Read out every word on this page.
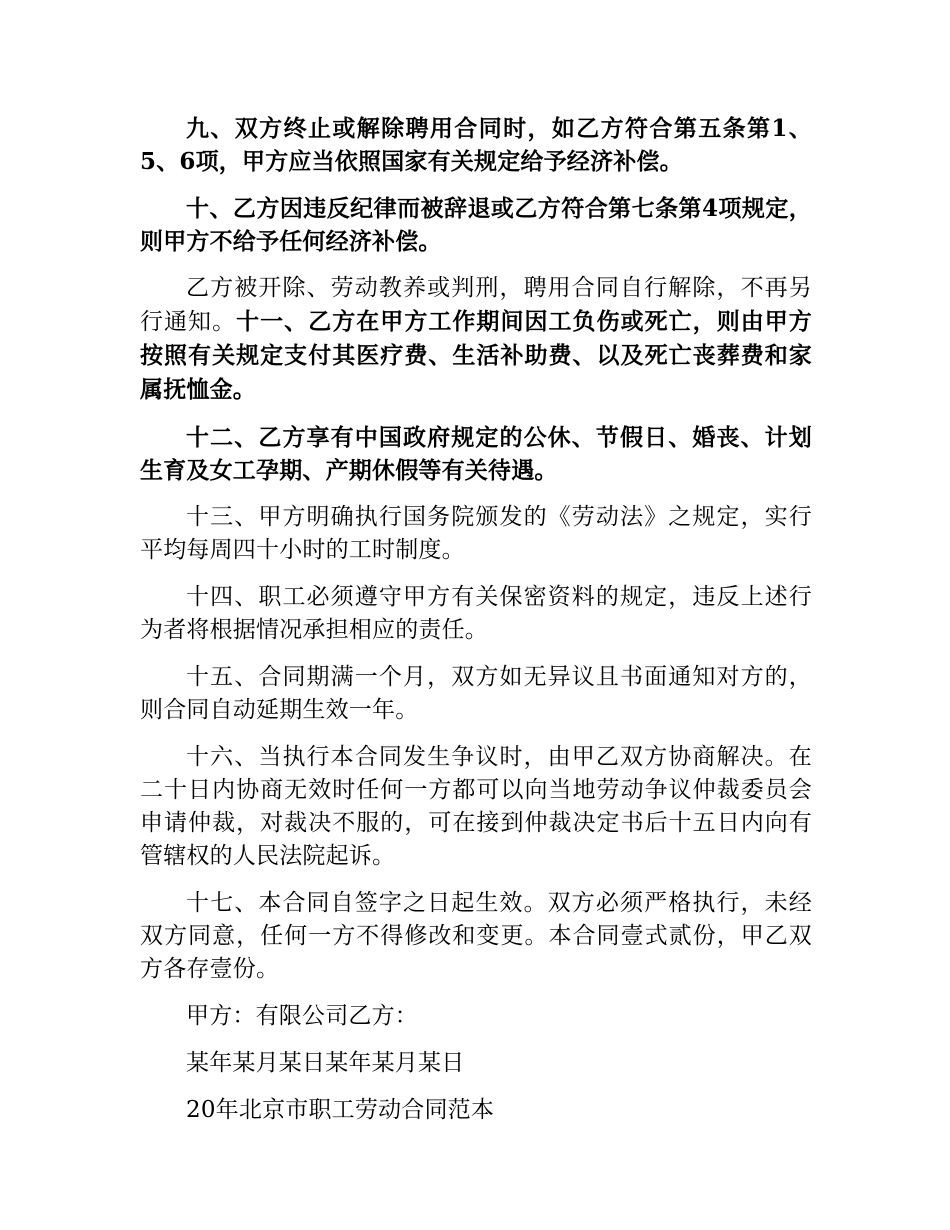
九、双方终止或解除聘用合同时，如乙方符合第五条第1、5、6项，甲方应当依照国家有关规定给予经济补偿。

十、乙方因违反纪律而被辞退或乙方符合第七条第4项规定，则甲方不给予任何经济补偿。

乙方被开除、劳动教养或判刑，聘用合同自行解除，不再另行通知。十一、乙方在甲方工作期间因工负伤或死亡，则由甲方按照有关规定支付其医疗费、生活补助费、以及死亡丧葬费和家属抚恤金。

十二、乙方享有中国政府规定的公休、节假日、婚丧、计划生育及女工孕期、产期休假等有关待遇。

十三、甲方明确执行国务院颁发的《劳动法》之规定，实行平均每周四十小时的工时制度。

十四、职工必须遵守甲方有关保密资料的规定，违反上述行为者将根据情况承担相应的责任。

十五、合同期满一个月，双方如无异议且书面通知对方的，则合同自动延期生效一年。

十六、当执行本合同发生争议时，由甲乙双方协商解决。在二十日内协商无效时任何一方都可以向当地劳动争议仲裁委员会申请仲裁，对裁决不服的，可在接到仲裁决定书后十五日内向有管辖权的人民法院起诉。

十七、本合同自签字之日起生效。双方必须严格执行，未经双方同意，任何一方不得修改和变更。本合同壹式贰份，甲乙双方各存壹份。

甲方：有限公司乙方：

某年某月某日某年某月某日

20年北京市职工劳动合同范本
